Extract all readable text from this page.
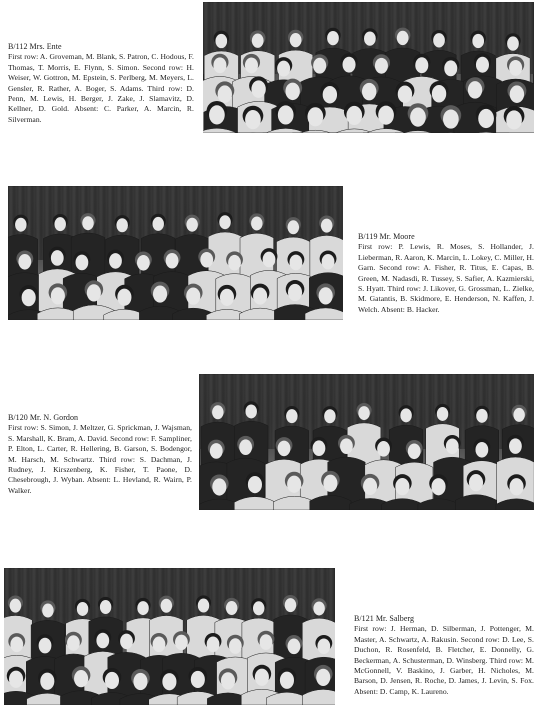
B/112 Mrs. Ente
First row: A. Groveman, M. Blank, S. Patron, C. Hodous, F. Thomas, T. Morris, E. Flynn, S. Simon. Second row: H. Weiser, W. Gottron, M. Epstein, S. Perlberg, M. Meyers, L. Gensler, R. Rather, A. Boger, S. Adams. Third row: D. Penn, M. Lewis, H. Berger, J. Zake, J. Slamavitz, D. Kellner, D. Gold. Absent: C. Parker, A. Marcin, R. Silverman.
B/119 Mr. Moore
First row: P. Lewis, R. Moses, S. Hollander, J. Lieberman, R. Aaron, K. Marcin, L. Lokey, C. Miller, H. Garn. Second row: A. Fisher, R. Titus, E. Capas, B. Green, M. Nadasdi, R. Tussey, S. Safier, A. Kazmierski, S. Hyatt. Third row: J. Likover, G. Grossman, L. Zielke, M. Gatantis, B. Skidmore, E. Henderson, N. Kaffen, J. Welch. Absent: B. Hacker.
B/120 Mr. N. Gordon
First row: S. Simon, J. Meltzer, G. Sprickman, J. Wajsman, S. Marshall, K. Bram, A. David. Second row: F. Sampliner, P. Elton, L. Carter, R. Hellering, B. Garson, S. Bodengor, M. Harsch, M. Schwartz. Third row: S. Dachman, J. Rudney, J. Kirszenberg, K. Fisher, T. Paone, D. Chesebrough, J. Wyban. Absent: L. Hevland, R. Wairn, P. Walker.
B/121 Mr. Salberg
First row: J. Herman, D. Silberman, J. Pottenger, M. Master, A. Schwartz, A. Rakusin. Second row: D. Lee, S. Duchon, R. Rosenfeld, B. Fletcher, E. Donnelly, G. Beckerman, A. Schusterman, D. Winsberg. Third row: M. McGonnell, V. Baskino, J. Garber, H. Nicholes, M. Barson, D. Jensen, R. Roche, D. James, J. Levin, S. Fox. Absent: D. Camp, K. Laureno.
